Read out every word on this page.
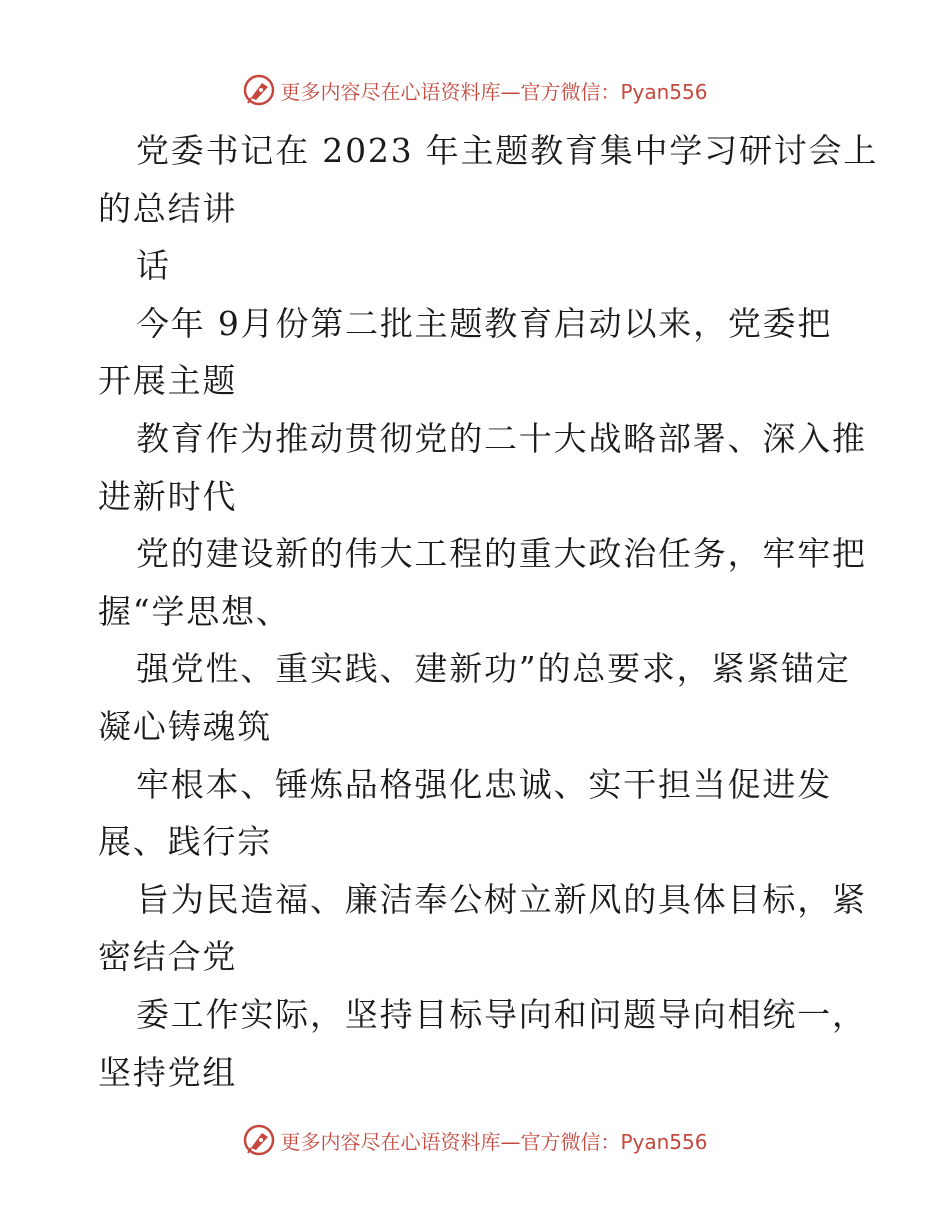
更多内容尽在心语资料库—官方微信：Pyan556
党委书记在 2023 年主题教育集中学习研讨会上
的总结讲
话
今年 9月份第二批主题教育启动以来，党委把
开展主题
教育作为推动贯彻党的二十大战略部署、深入推
进新时代
党的建设新的伟大工程的重大政治任务，牢牢把
握“学思想、
强党性、重实践、建新功”的总要求，紧紧锚定
凝心铸魂筑
牢根本、锤炼品格强化忠诚、实干担当促进发
展、践行宗
旨为民造福、廉洁奉公树立新风的具体目标，紧
密结合党
委工作实际，坚持目标导向和问题导向相统一，
坚持党组
更多内容尽在心语资料库—官方微信：Pyan556
